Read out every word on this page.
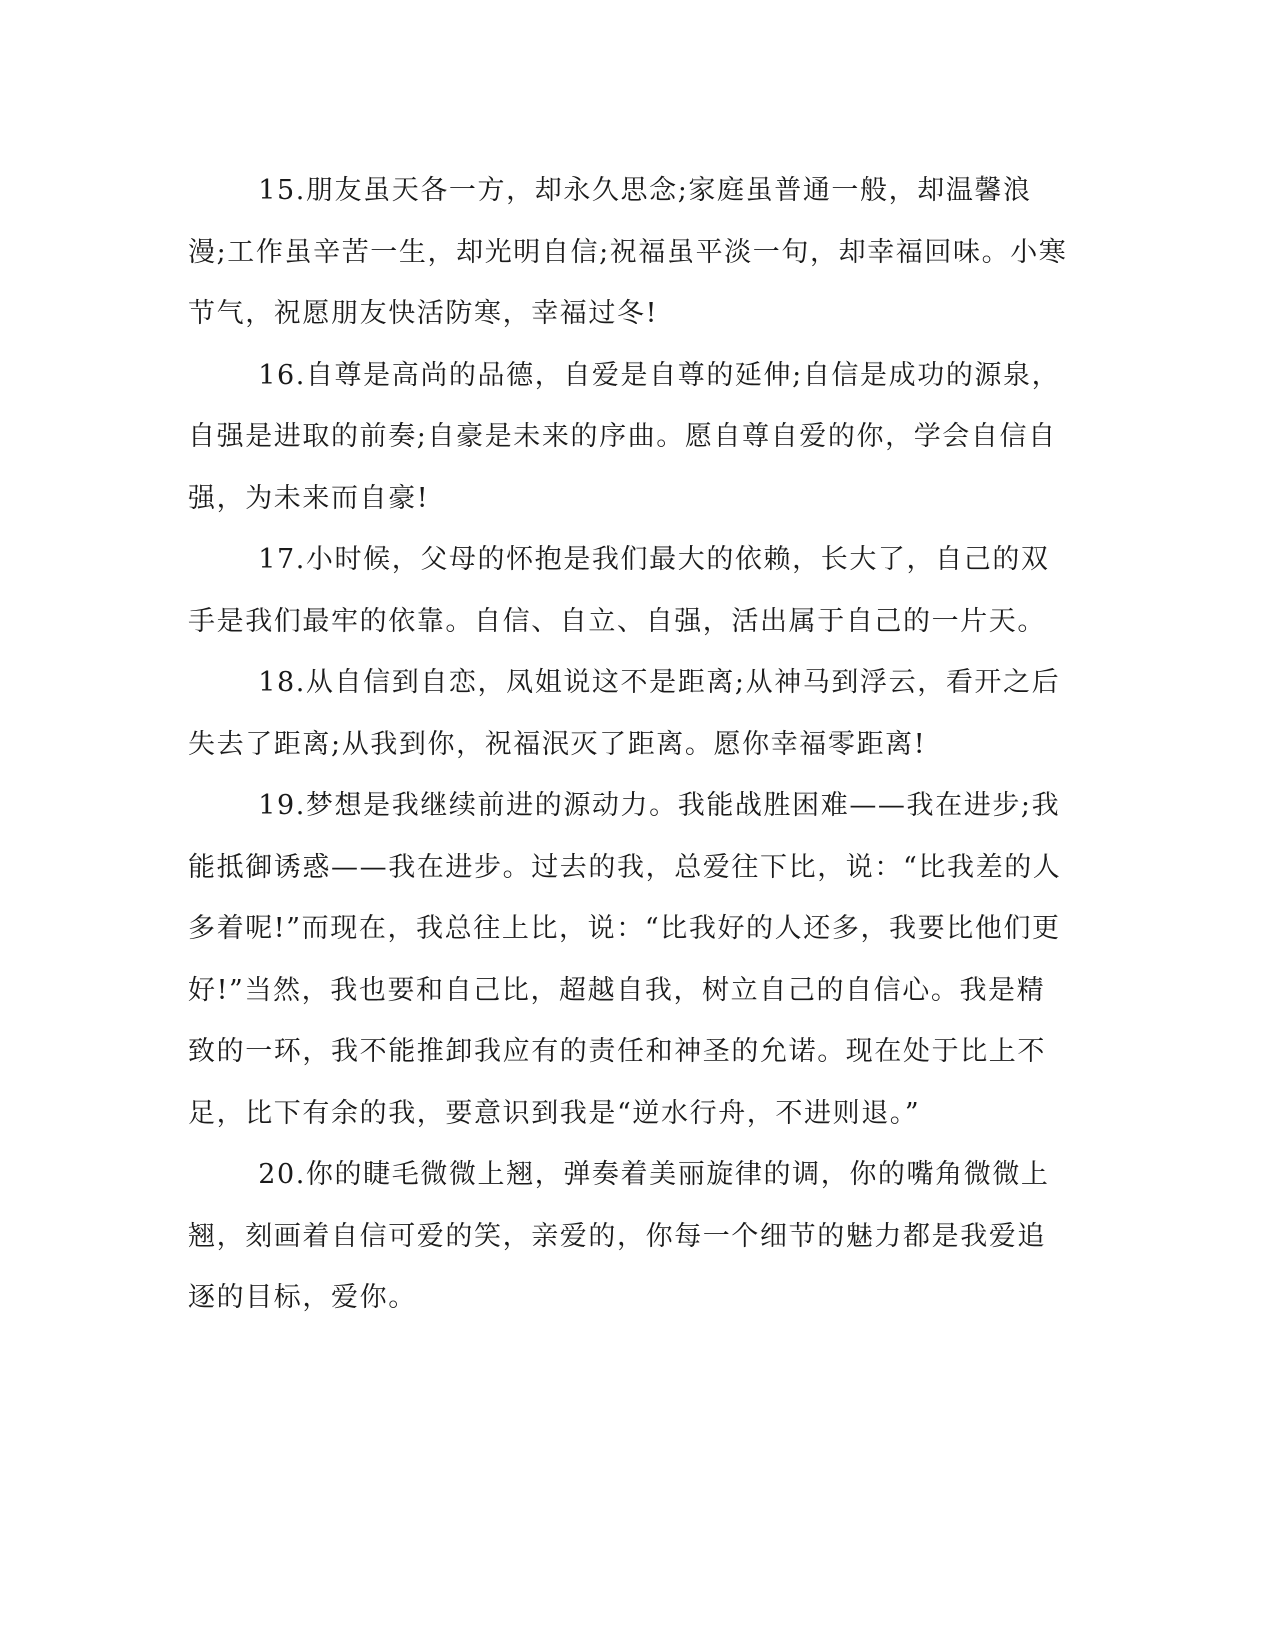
15.朋友虽天各一方，却永久思念;家庭虽普通一般，却温馨浪漫;工作虽辛苦一生，却光明自信;祝福虽平淡一句，却幸福回味。小寒节气，祝愿朋友快活防寒，幸福过冬!

16.自尊是高尚的品德，自爱是自尊的延伸;自信是成功的源泉，自强是进取的前奏;自豪是未来的序曲。愿自尊自爱的你，学会自信自强，为未来而自豪!

17.小时候，父母的怀抱是我们最大的依赖，长大了，自己的双手是我们最牢的依靠。自信、自立、自强，活出属于自己的一片天。

18.从自信到自恋，凤姐说这不是距离;从神马到浮云，看开之后失去了距离;从我到你，祝福泯灭了距离。愿你幸福零距离!

19.梦想是我继续前进的源动力。我能战胜困难——我在进步;我能抵御诱惑——我在进步。过去的我，总爱往下比，说：“比我差的人多着呢!”而现在，我总往上比，说：“比我好的人还多，我要比他们更好!”当然，我也要和自己比，超越自我，树立自己的自信心。我是精致的一环，我不能推卸我应有的责任和神圣的允诺。现在处于比上不足，比下有余的我，要意识到我是“逆水行舟，不进则退。”

20.你的睫毛微微上翘，弹奏着美丽旋律的调，你的嘴角微微上翘，刻画着自信可爱的笑，亲爱的，你每一个细节的魅力都是我爱追逐的目标，爱你。
